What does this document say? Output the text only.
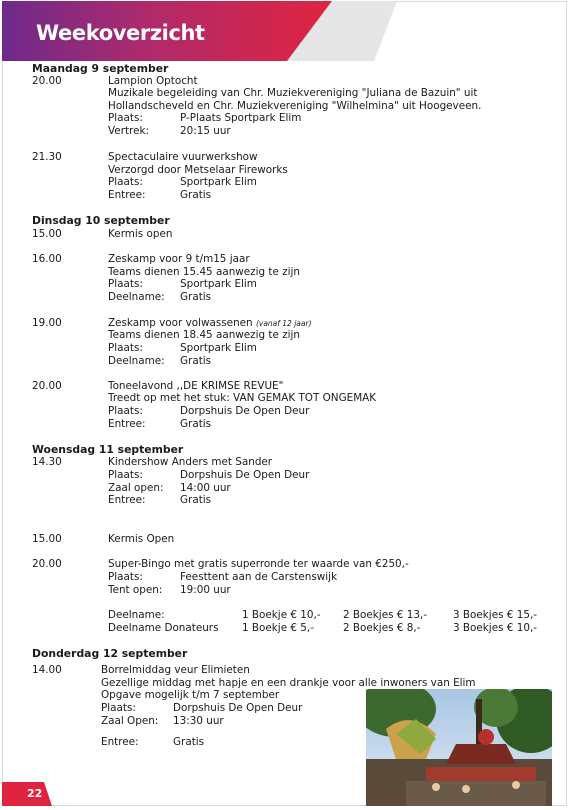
Weekoverzicht
Maandag 9 september
20.00	Lampion Optocht
Muzikale begeleiding van Chr. Muziekvereniging "Juliana de Bazuin" uit
Hollandscheveld en Chr. Muziekvereniging "Wilhelmina" uit Hoogeveen.
Plaats:	P-Plaats Sportpark Elim
Vertrek:	20:15 uur
21.30	Spectaculaire vuurwerkshow
Verzorgd door Metselaar Fireworks
Plaats:	Sportpark Elim
Entree:	Gratis
Dinsdag 10 september
15.00	Kermis open
16.00	Zeskamp voor 9 t/m15 jaar
Teams dienen 15.45 aanwezig te zijn
Plaats:	Sportpark Elim
Deelname: Gratis
19.00	Zeskamp voor volwassenen (vanaf 12 jaar)
Teams dienen 18.45 aanwezig te zijn
Plaats:	Sportpark Elim
Deelname: Gratis
20.00	Toneelavond ,,DE KRIMSE REVUE"
Treedt op met het stuk: VAN GEMAK TOT ONGEMAK
Plaats:	Dorpshuis De Open Deur
Entree:	Gratis
Woensdag 11 september
14.30	Kindershow Anders met Sander
Plaats:	Dorpshuis De Open Deur
Zaal open: 14:00 uur
Entree:	Gratis
15.00	Kermis Open
20.00	Super-Bingo met gratis superronde ter waarde van €250,-
Plaats:	Feesttent aan de Carstenswijk
Tent open: 19:00 uur
Deelname:	1 Boekje € 10,- 2 Boekjes € 13,-	3 Boekjes € 15,-
Deelname Donateurs 1 Boekje € 5,-	2 Boekjes € 8,-	3 Boekjes € 10,-
Donderdag 12 september
14.00	Borrelmiddag veur Elimieten
Gezellige middag met hapje en een drankje voor alle inwoners van Elim
Opgave mogelijk t/m 7 september
Plaats:	Dorpshuis De Open Deur
Zaal Open: 13:30 uur
Entree:	Gratis
22
